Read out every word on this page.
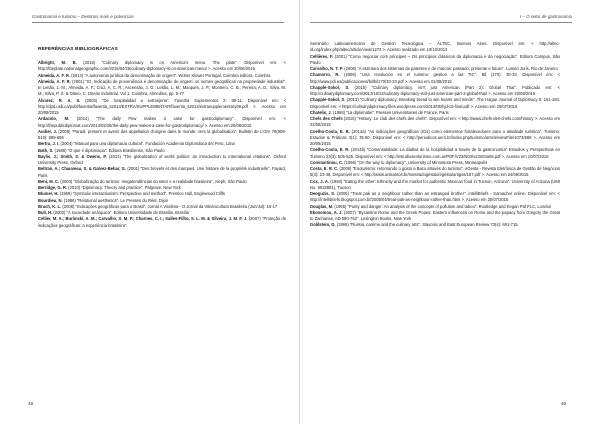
Gastronomia e turismo – Destinos reais e potenciais
REFERÊNCIAS BIBLIOGRÁFICAS

Albright, M. B. (2015) "Culinary diplomacy is on America's menu. The plate". Disponível em: < http://theplate.nationalgeographic.com/2015/04/25/culinary-diplomacy-is-on-americas-menu/ >. Acesso em 20/06/2015

Almeida, A. F. R. (2013) "A autonomia jurídica da denominação de origem". Wolter Kluwer Portugal, Coimbra editora, Coimbra

Almeida, A. F. R. (2001) "IG, Indicação de proveniência e denominação de origem: os nomes geográficos na propriedade industrial". In Leitão, L. M.; Almeida, A. F.; Cruz, A. C. R.; Ascensão, J. O.; Leitão, L. M.; Marques, J. P.; Monteiro, C. B.; Pereira, A. D.; Silva, M. M.; Silva, P. S. & Olavo, C. Direito industrial. Vol 1. Coimbra, Almedina, pp. 5-77

Álvarez, R. A. S. (2003) "De hospitalidad a extranjeria". Favertia Suplementos 2: 89-11. Disponível em: < http://dpd.usb.ca/publ/favertia/favertia_s2013/EXTRA/SUPPLEMENTAR/favertia_s2013/extranupplementary69.pdf >. Acesso em 20/08/2015

Ardacolo, M. (2014) "The daily Pew makes a case for gastrodiplomacy". Disponível em: < http://thepublicdiplomat.com/2014/02/26/the-daily-pew-makes-a-case-for-gastrodiplomacy/ >. Acesso em 20/08/2015

Audier, J. (2006) "Paradi, present et avenir des appellation d'origine dans le monde: vers la globalisation". Bulletin de L'OIV 79(909-910): 689-696

Bertra, J. I. (2004) "Manual para una diplomacia cultural". Fundación Academia Diplomática del Perú, Lima

Bath, S. (1986) "O que é diplomacia". Editora Brasiliense, São Paulo

Baylis, J.; Smith, S. & Owens, P. (2013) "The globalization of world politics: an introduction to international relations". Oxford University Press, Oxford

Beltran, A.; Chauveau, S. & Galvez-Behar, G. (2001) "Des brevets et des marques: Une histoire de la propriété industrielle". Fayard, Paris

Beni, M. C. (2003) "Globalização do turismo: megatendências do setor e a realidade brasileira". Aleph, São Paulo

Berridge, G. R. (2010) "Diplomacy: Theory and practice". Palgrave, New York

Blumer, H. (1969) "Symbolic interactionism: Perspective and method". Prentice Hall, Englewood Cliffs

Bourdieu, N. (1986) "Relational aesthetics". Le Presses du Réel, Dijon

Bruch, K. L. (2008) "Indicações geográficas para o Brasil". Jornal A Vindima - O Jornal da Vitivinicultura Brasileira (Jun/Jul): 16-17

Bull, H. (2002) "A sociedade anárquica". Editora Universidade de Brasília, Brasília

Cellier, M. A.; Burânski, A. M.; Carvalho, S. M. P.; Charnes, C. I.; Salles-Filho, S. L. M. & Silveira, J. M. F. J. (2007) "Proteção de indicações geográficas: a experiência brasileira".

48
I – O setor de gastronomia

Seminário Latinoamericano de Gestion Tecnológica – ALTEC, Buenos Aires. Disponível em: < http://altec-id.org/index.php/altec/article/view/1273 >. Acesso realizado em 10/10/2013

Cellières, F. (2001) "Como negociar com príncipes – Os princípios clássicos da diplomacia e da negociação". Editora Campus, São Paulo

Carvalho, N. T. P. (2009) "A estrutura dos sistemas de patentes e de marcas: passado, presente e futuro". Lumen Juris, Rio de Janeiro

Chamorro, R. (2008) "Una revolución en el turismo: gestion a las TIC". Bil (170): 30-33. Disponível em: < http://www.pdi.es/publicaciones/bil/bil170/30-33.pdf >. Acesso em 01/08/2015

Chapple-Sokol, S. (2015) "Culinary diplomacy. isn't just American (Part 2): Global Thai". Publicado em: < http://culinarydiplomacy.com/2012/10/22/culinary-diplomacy-isnt-just-american-part-2-global-thai/ >. Acesso em 20/08/2015

Chapple-Sokol, S. (2013) "Culinary diplomacy: Breaking bread to win hearts and minds". The Hague Journal of Diplomacy 8: 161-183. Disponível em: < https://culinarydiplomacy.files.wordpress.com/2013/06/hjd-cd-final.pdf >. Acesso em 20/07/2015

Chatelis, J. (1968) "La diplomatie". Presses Universitaires de France, Paris

Chefs des Chefs (2015) "History: Le club des chefs des chefs". Disponível em: < http://www.chefs-des-chefs.com/history >. Acesso em 22/08/2015

Coelho-Costa, E. R. (2014a) "As indicações geográficas (IGs) como elementos fortalecedores para o atividade turística". Turismo: Estudos & Práticas 3(1): 35-50. Disponível em: < http://periodicos.uern.br/index.php/turismo/article/viewFile/1073/588 >. Acesso em 20/08/2015

Coelho-Costa, E. R. (2014b) "Comensalidade: La dádiva de la hospitalidad a través de la gastronomía" Estudios y Perspectivas en Turismo 23(3): 505-525. Disponível em: < http://estudiosenturismo.com.ar/PDF/V23/N03/v23n03a05.pdf >. Acesso em 10/07/2015

Constantinou, C. (1996) "On the way to diplomacy". University of Minnesota Press, Minneapolis

Costa, E. R. C. (2009) "Enoturismo: retornando o gosto a Baco através do turismo". eGesta - Revista Eletrônica de Gestão de Negócios 5(3): 23-38. Disponível em: < http://www.unisantos.br/mestradogestao/egesta/artigos/187.pdf >. Acesso em 24/08/2015

Cox, J. A. (1993) "Eating the other: Ethnicity and the market for authentic Mexican food in Tucson, Arizona". University of Arizona (UMI No. 9532881), Tucson

Deoguzis, S. (2005) "Treat pak as a neighbour rather than an estranged brother". intelliBriefs - Samacher online. Disponível em: < http://intellibriefs.blogspot.com.br/2005/04/treat-pak-as-neighbour-rather-than.html >. Acesso em 20/07/2015

Douglas, M. (1966) "Purity and danger: An analysis of the concepts of pollution and taboo". Routledge and Kegan Pal PLC, London

Ekonomou, A. J. (2007) "Byzantine Rome and the Greek Popes: Eastern influences on Rome and the papacy from Gregory the Great to Zacharias, AD 590-752". Lexington Books, New York

Goldstein, D. (1995) "Russia, carême and the culinary arts". Slavonic and East European Review 73(4): 691-715.

49
